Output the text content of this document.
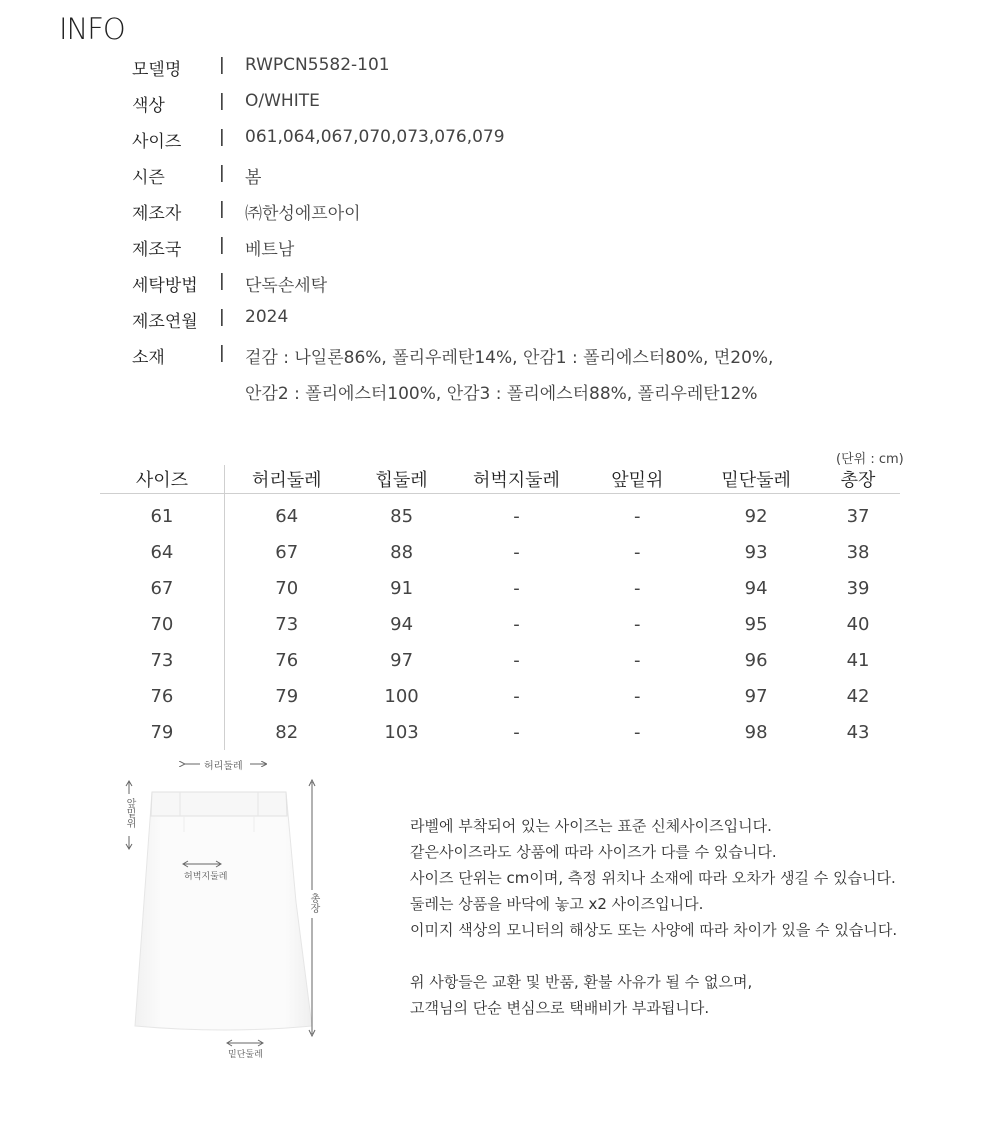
INFO
모델명 | RWPCN5582-101
색상	| O/WHITE
사이즈 | 061,064,067,070,073,076,079
시즌	| 봄
제조자 | ㈜한성에프아이
제조국 | 베트남
세탁방법 | 단독손세탁
제조연월 | 2024
소재	| 겉감 : 나일론86%, 폴리우레탄14%, 안감1 : 폴리에스터80%, 면20%,
안감2 : 폴리에스터100%, 안감3 : 폴리에스터88%, 폴리우레탄12%
(단위 : cm)
사이즈	허리둘레	힙둘레	허벅지둘레	앞밑위	밑단둘레	총장
61	64	85	-	-	92	37
64	67	88	-	-	93	38
67	70	91	-	-	94	39
70	73	94	-	-	95	40
73	76	97	-	-	96	41
76	79	100	-	-	97	42
79	82	103	-	-	98	43
허리둘레
앞밑위
허벅지둘레
총장
밑단둘레
라벨에 부착되어 있는 사이즈는 표준 신체사이즈입니다.
같은사이즈라도 상품에 따라 사이즈가 다를 수 있습니다.
사이즈 단위는 cm이며, 측정 위치나 소재에 따라 오차가 생길 수 있습니다.
둘레는 상품을 바닥에 놓고 x2 사이즈입니다.
이미지 색상의 모니터의 해상도 또는 사양에 따라 차이가 있을 수 있습니다.
위 사항들은 교환 및 반품, 환불 사유가 될 수 없으며,
고객님의 단순 변심으로 택배비가 부과됩니다.
